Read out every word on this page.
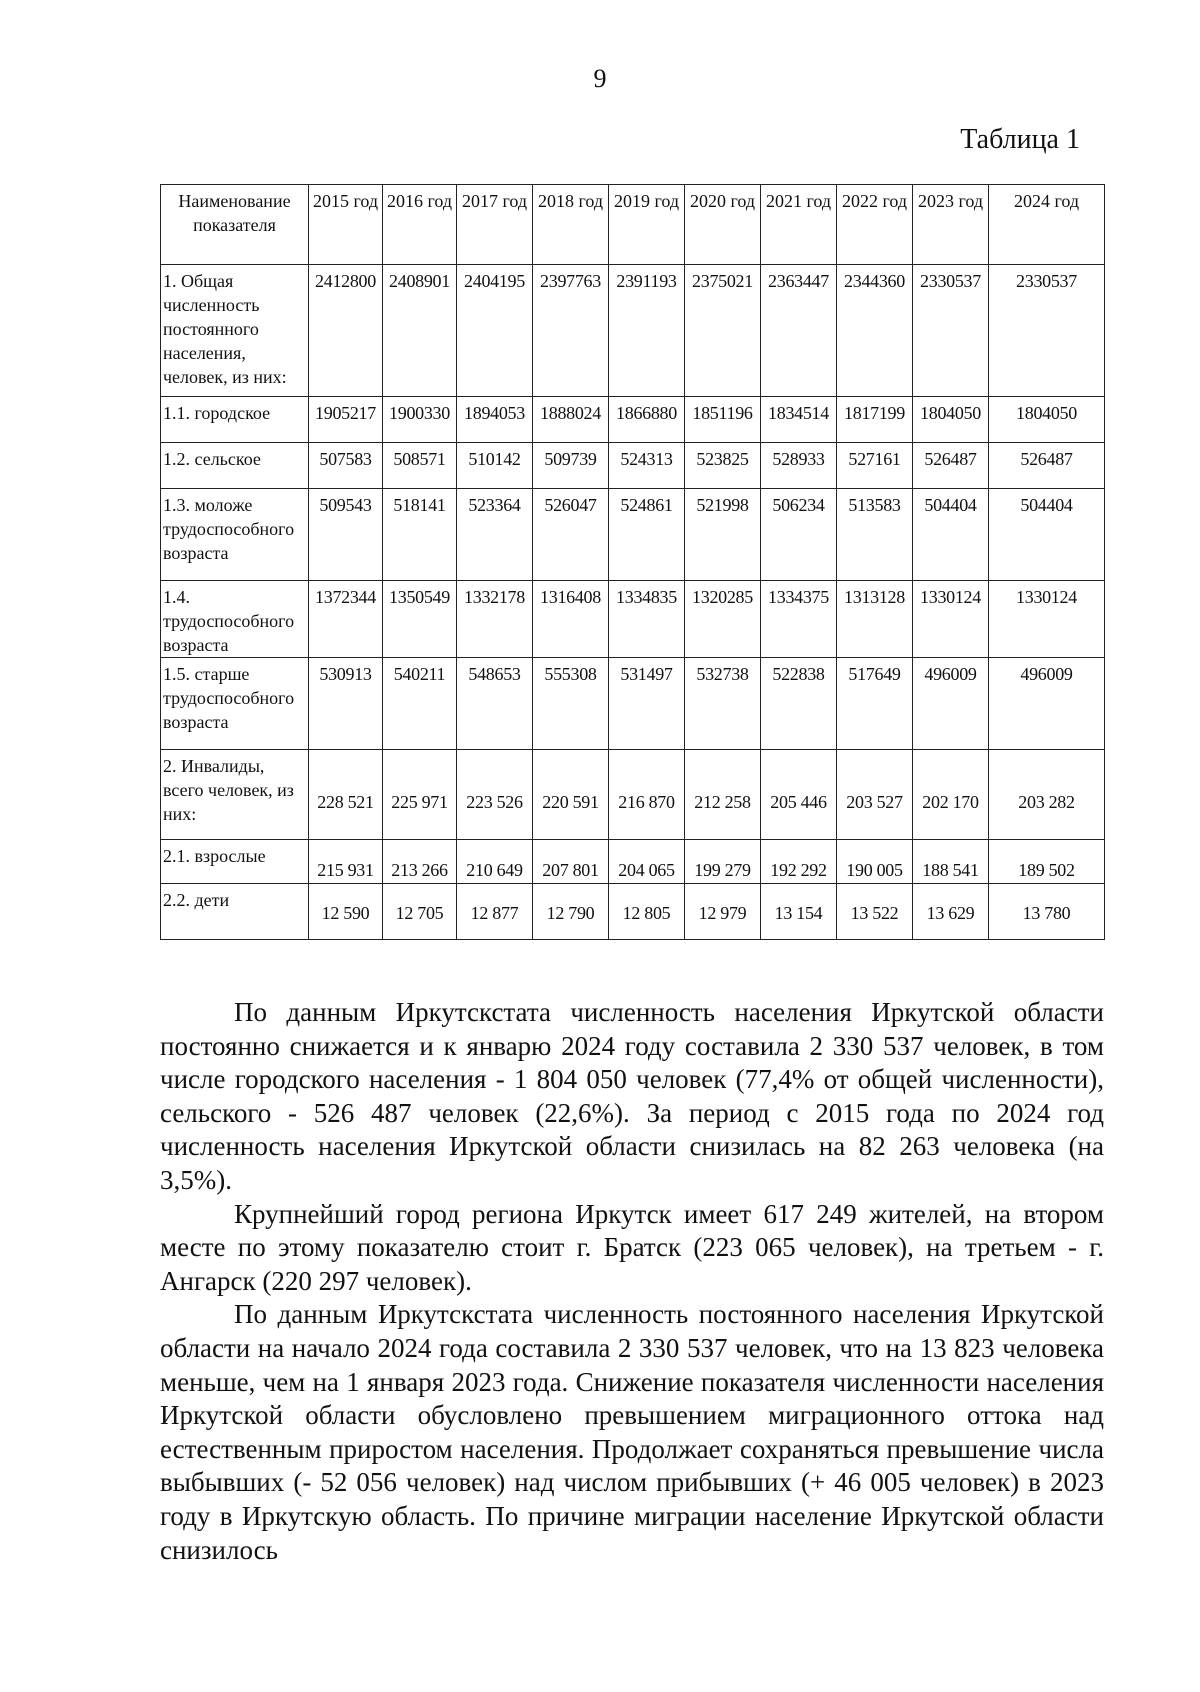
9
Таблица 1
Наименование показателя	2015 год	2016 год	2017 год	2018 год	2019 год	2020 год	2021 год	2022 год	2023 год	2024 год
1. Общая численность постоянного населения, человек, из них:	2412800	2408901	2404195	2397763	2391193	2375021	2363447	2344360	2330537	2330537
1.1. городское	1905217	1900330	1894053	1888024	1866880	1851196	1834514	1817199	1804050	1804050
1.2. сельское	507583	508571	510142	509739	524313	523825	528933	527161	526487	526487
1.3. моложе трудоспособного возраста	509543	518141	523364	526047	524861	521998	506234	513583	504404	504404
1.4. трудоспособного возраста	1372344	1350549	1332178	1316408	1334835	1320285	1334375	1313128	1330124	1330124
1.5. старше трудоспособного возраста	530913	540211	548653	555308	531497	532738	522838	517649	496009	496009
2. Инвалиды, всего человек, из них:	228 521	225 971	223 526	220 591	216 870	212 258	205 446	203 527	202 170	203 282
2.1. взрослые	215 931	213 266	210 649	207 801	204 065	199 279	192 292	190 005	188 541	189 502
2.2. дети	12 590	12 705	12 877	12 790	12 805	12 979	13 154	13 522	13 629	13 780

По данным Иркутскстата численность населения Иркутской области постоянно снижается и к январю 2024 году составила 2 330 537 человек, в том числе городского населения - 1 804 050 человек (77,4% от общей численности), сельского - 526 487 человек (22,6%). За период с 2015 года по 2024 год численность населения Иркутской области снизилась на 82 263 человека (на 3,5%).

Крупнейший город региона Иркутск имеет 617 249 жителей, на втором месте по этому показателю стоит г. Братск (223 065 человек), на третьем - г. Ангарск (220 297 человек).

По данным Иркутскстата численность постоянного населения Иркутской области на начало 2024 года составила 2 330 537 человек, что на 13 823 человека меньше, чем на 1 января 2023 года. Снижение показателя численности населения Иркутской области обусловлено превышением миграционного оттока над естественным приростом населения. Продолжает сохраняться превышение числа выбывших (- 52 056 человек) над числом прибывших (+ 46 005 человек) в 2023 году в Иркутскую область. По причине миграции население Иркутской области снизилось
